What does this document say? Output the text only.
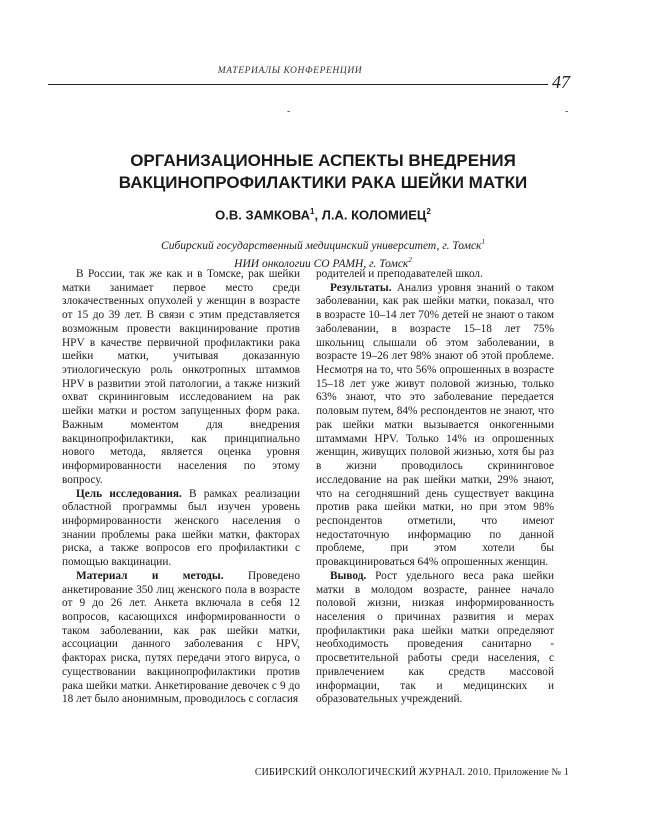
МАТЕРИАЛЫ КОНФЕРЕНЦИИ
47
-	-
ОРГАНИЗАЦИОННЫЕ АСПЕКТЫ ВНЕДРЕНИЯ
ВАКЦИНОПРОФИЛАКТИКИ РАКА ШЕЙКИ МАТКИ
О.В. ЗАМКОВА$^1$, Л.А. КОЛОМИЕЦ$^2$
Сибирский государственный медицинский университет, г. Томск$^1$
НИИ онкологии СО РАМН, г. Томск$^2$

В России, так же как и в Томске, рак шейки матки занимает первое место среди злокачественных опухолей у женщин в возрасте от 15 до 39 лет. В связи с этим представляется возможным провести вакцинирование против HPV в качестве первичной профилактики рака шейки матки, учитывая доказанную этиологическую роль онкотропных штаммов HPV в развитии этой патологии, а также низкий охват скрининговым исследованием на рак шейки матки и ростом запущенных форм рака. Важным моментом для внедрения вакцинопрофилактики, как принципиально нового метода, является оценка уровня информированности населения по этому вопросу.

Цель исследования. В рамках реализации областной программы был изучен уровень информированности женского населения о знании проблемы рака шейки матки, факторах риска, а также вопросов его профилактики с помощью вакцинации.

Материал и методы. Проведено анкетирование 350 лиц женского пола в возрасте от 9 до 26 лет. Анкета включала в себя 12 вопросов, касающихся информированности о таком заболевании, как рак шейки матки, ассоциации данного заболевания с HPV, факторах риска, путях передачи этого вируса, о существовании вакцинопрофилактики против рака шейки матки. Анкетирование девочек с 9 до 18 лет было анонимным, проводилось с согласия

родителей и преподавателей школ.

Результаты. Анализ уровня знаний о таком заболевании, как рак шейки матки, показал, что в возрасте 10–14 лет 70% детей не знают о таком заболевании, в возрасте 15–18 лет 75% школьниц слышали об этом заболевании, в возрасте 19–26 лет 98% знают об этой проблеме. Несмотря на то, что 56% опрошенных в возрасте 15–18 лет уже живут половой жизнью, только 63% знают, что это заболевание передается половым путем, 84% респондентов не знают, что рак шейки матки вызывается онкогенными штаммами HPV. Только 14% из опрошенных женщин, живущих половой жизнью, хотя бы раз в жизни проводилось скрининговое исследование на рак шейки матки, 29% знают, что на сегодняшний день существует вакцина против рака шейки матки, но при этом 98% респондентов отметили, что имеют недостаточную информацию по данной проблеме, при этом хотели бы провакцинироваться 64% опрошенных женщин.

Вывод. Рост удельного веса рака шейки матки в молодом возрасте, раннее начало половой жизни, низкая информированность населения о причинах развития и мерах профилактики рака шейки матки определяют необходимость проведения санитарно - просветительной работы среди населения, с привлечением как средств массовой информации, так и медицинских и образовательных учреждений.

СИБИРСКИЙ ОНКОЛОГИЧЕСКИЙ ЖУРНАЛ. 2010. Приложение № 1
